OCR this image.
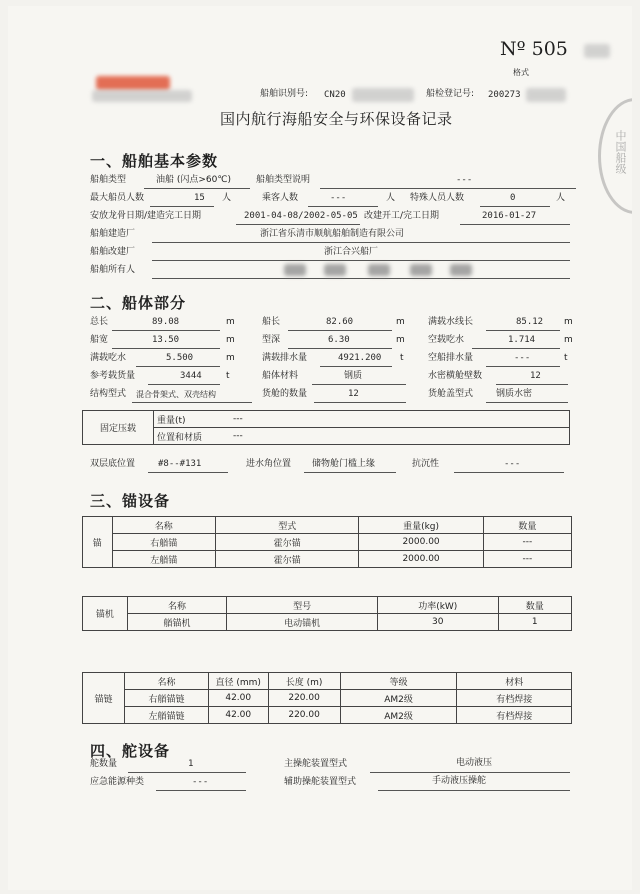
Nº 505
格式
船舶识别号: CN20	船检登记号: 200273
国内航行海船安全与环保设备记录
中国船级
一、船舶基本参数
船舶类型	油船 (闪点>60℃)	船舶类型说明	---
最大船员人数	15 人	乘客人数	---	人 特殊人员人数	0	人
安放龙骨日期/建造完工日期	2001-04-08/2002-05-05 改建开工/完工日期	2016-01-27
船舶建造厂	浙江省乐清市顺航船舶制造有限公司
船舶改建厂	浙江合兴船厂
船舶所有人
二、船体部分
总长	89.08	m	船长	82.60	m	满载水线长	85.12 m
船宽	13.50	m	型深	6.30	m	空载吃水	1.714	m
满载吃水	5.500	m	满载排水量	4921.200 t	空船排水量	---	t
参考载货量	3444	t	船体材料	钢质	水密横舱壁数	12
结构型式 混合骨架式、双壳结构	货舱的数量	12	货舱盖型式	钢质水密
固定压载	重量(t)	---
	位置和材质	---
双层底位置	#8--#131	进水角位置 储物舱门槛上缘	抗沉性	---
三、锚设备
锚	名称	型式	重量(kg)	数量
	右艏锚	霍尔锚	2000.00	---
	左艏锚	霍尔锚	2000.00	---
锚机	名称	型号	功率(kW)	数量
	艏锚机	电动锚机	30	1
锚链	名称	直径 (mm)	长度 (m)	等级	材料
	右艏锚链	42.00	220.00	AM2级	有档焊接
	左艏锚链	42.00	220.00	AM2级	有档焊接
四、舵设备
舵数量	1	主操舵装置型式	电动液压
应急能源种类	---	辅助操舵装置型式	手动液压操舵
